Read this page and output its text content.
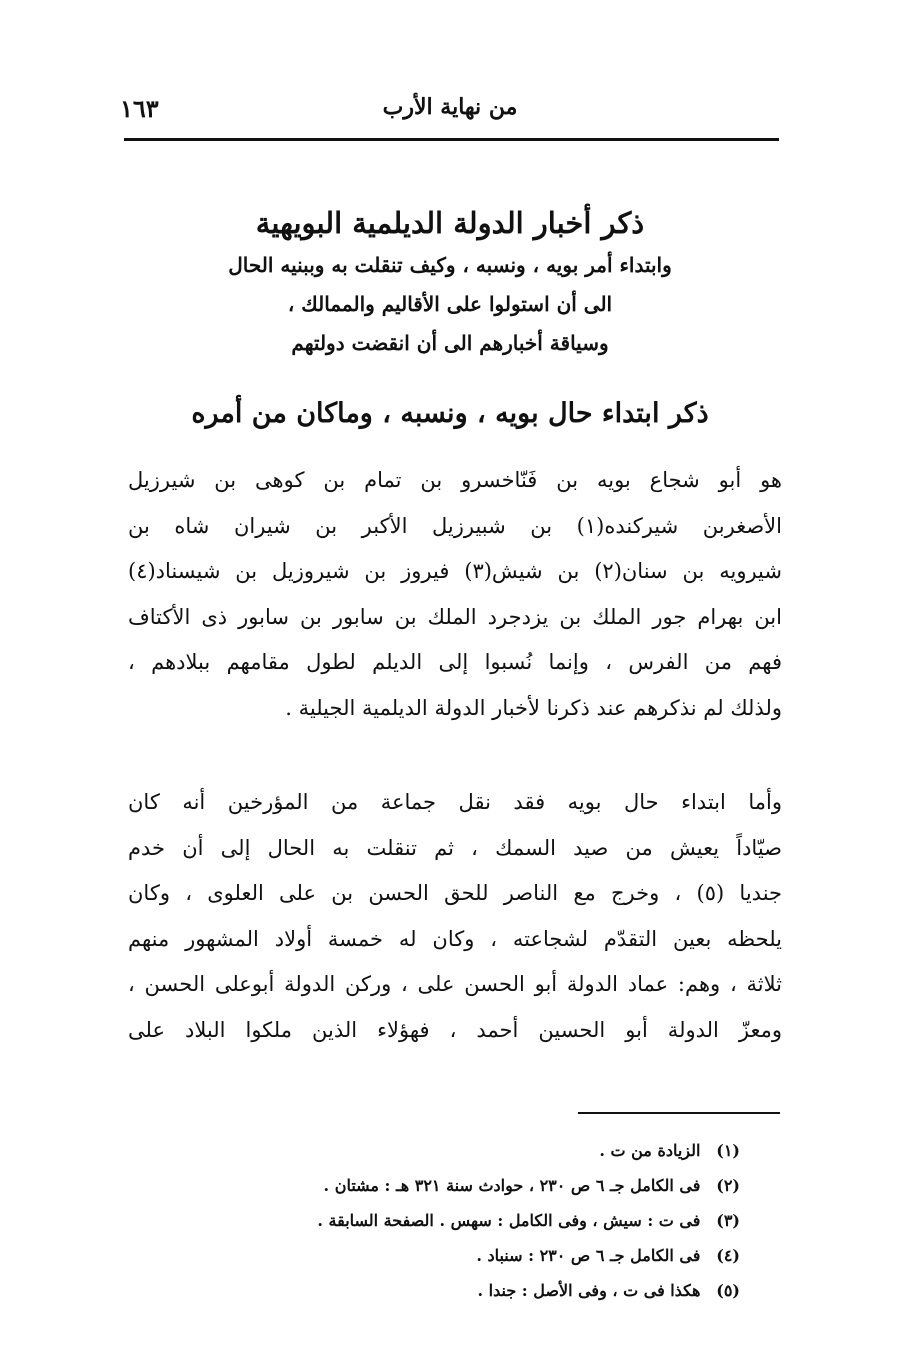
من نهاية الأرب
١٦٣

ذكر أخبار الدولة الديلمية البويهية

وابتداء أمر بويه ، ونسبه ، وكيف تنقلت به وببنيه الحال

الى أن استولوا على الأقاليم والممالك ،

وسياقة أخبارهم الى أن انقضت دولتهم

ذكر ابتداء حال بويه ، ونسبه ، وماكان من أمره
هو أبو شجاع بويه بن فَنّاخسرو بن تمام بن كوهى بن شيرزيل
الأصغربن شيركنده(١) بن شبيرزيل الأكبر بن شيران شاه بن
شيرويه بن سنان(٢) بن شيش(٣) فيروز بن شيروزيل بن شيسناد(٤)
ابن بهرام جور الملك بن يزدجرد الملك بن سابور بن سابور ذى الأكتاف
فهم من الفرس ، وإنما نُسبوا إلى الديلم لطول مقامهم ببلادهم ،
ولذلك لم نذكرهم عند ذكرنا لأخبار الدولة الديلمية الجيلية .
وأما ابتداء حال بويه فقد نقل جماعة من المؤرخين أنه كان
صيّاداً يعيش من صيد السمك ، ثم تنقلت به الحال إلى أن خدم
جنديا (٥) ، وخرج مع الناصر للحق الحسن بن على العلوى ، وكان
يلحظه بعين التقدّم لشجاعته ، وكان له خمسة أولاد المشهور منهم
ثلاثة ، وهم: عماد الدولة أبو الحسن على ، وركن الدولة أبوعلى الحسن ،
ومعزّ الدولة أبو الحسين أحمد ، فهؤلاء الذين ملكوا البلاد على
(١) الزيادة من ت .
(٢) فى الكامل جـ ٦ ص ٢٣٠ ، حوادث سنة ٣٢١ هـ : مشتان .
(٣) فى ت : سيش ، وفى الكامل : سهس . الصفحة السابقة .
(٤) فى الكامل جـ ٦ ص ٢٣٠ : سنباد .
(٥) هكذا فى ت ، وفى الأصل : جندا .
